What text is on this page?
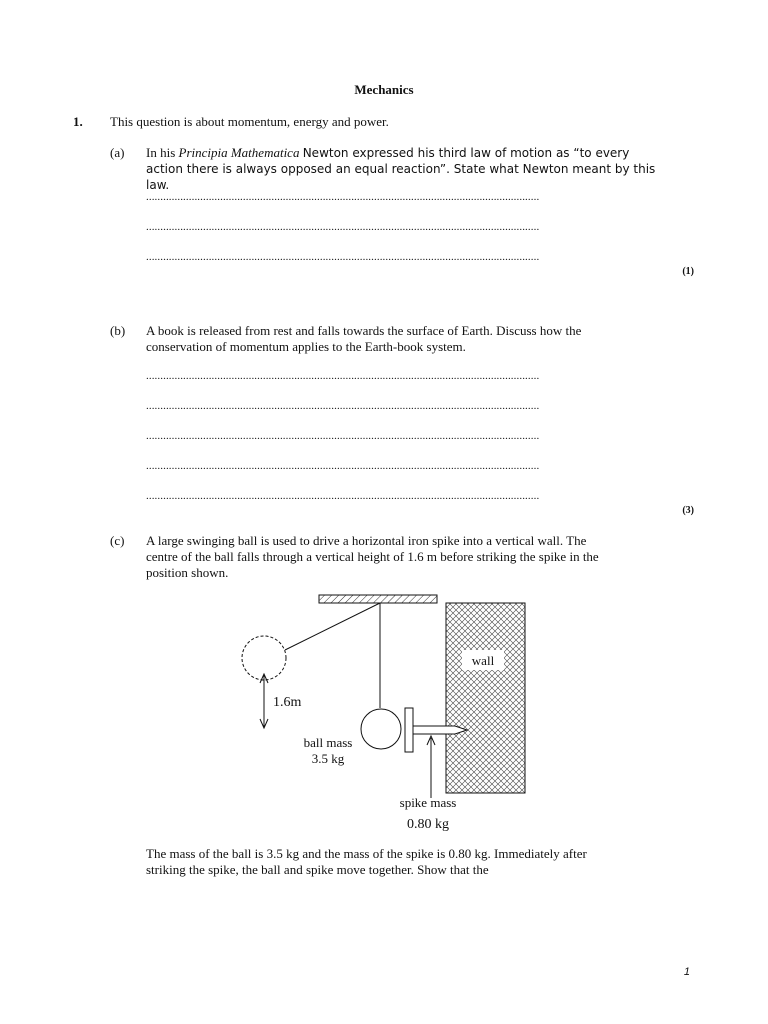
Mechanics
1. This question is about momentum, energy and power.
(a) In his Principia Mathematica Newton expressed his third law of motion as “to every
action there is always opposed an equal reaction”. State what Newton meant by this law.
..........................................................................................................................................
..........................................................................................................................................
..........................................................................................................................................
(1)
(b) A book is released from rest and falls towards the surface of Earth. Discuss how the
conservation of momentum applies to the Earth-book system.
..........................................................................................................................................
..........................................................................................................................................
..........................................................................................................................................
..........................................................................................................................................
..........................................................................................................................................
(3)
(c) A large swinging ball is used to drive a horizontal iron spike into a vertical wall. The
centre of the ball falls through a vertical height of 1.6 m before striking the spike in the
position shown.
wall
1.6m
ball mass
3.5 kg
spike mass
0.80 kg
The mass of the ball is 3.5 kg and the mass of the spike is 0.80 kg. Immediately after
striking the spike, the ball and spike move together. Show that the
1
